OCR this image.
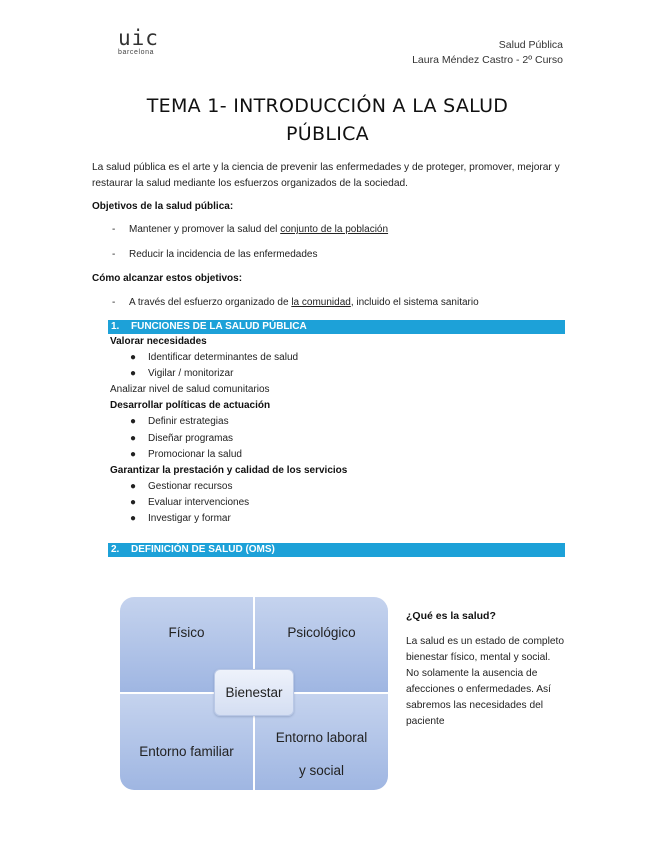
uic
barcelona
Salud Pública
Laura Méndez Castro - 2º Curso
TEMA 1- INTRODUCCIÓN A LA SALUD
PÚBLICA

La salud pública es el arte y la ciencia de prevenir las enfermedades y de proteger, promover, mejorar y restaurar la salud mediante los esfuerzos organizados de la sociedad.

Objetivos de la salud pública:
- Mantener y promover la salud del conjunto de la población
- Reducir la incidencia de las enfermedades
Cómo alcanzar estos objetivos:
- A través del esfuerzo organizado de la comunidad, incluido el sistema sanitario
1. FUNCIONES DE LA SALUD PÚBLICA
Valorar necesidades
● Identificar determinantes de salud
● Vigilar / monitorizar
Analizar nivel de salud comunitarios
Desarrollar políticas de actuación
● Definir estrategias
● Diseñar programas
● Promocionar la salud
Garantizar la prestación y calidad de los servicios
● Gestionar recursos
● Evaluar intervenciones
● Investigar y formar
2. DEFINICIÓN DE SALUD (OMS)
Físico	Psicológico
Entorno familiar
Entorno laboral
y social
Bienestar
¿Qué es la salud?

La salud es un estado de completo bienestar físico, mental y social. No solamente la ausencia de afecciones o enfermedades. Así sabremos las necesidades del paciente
